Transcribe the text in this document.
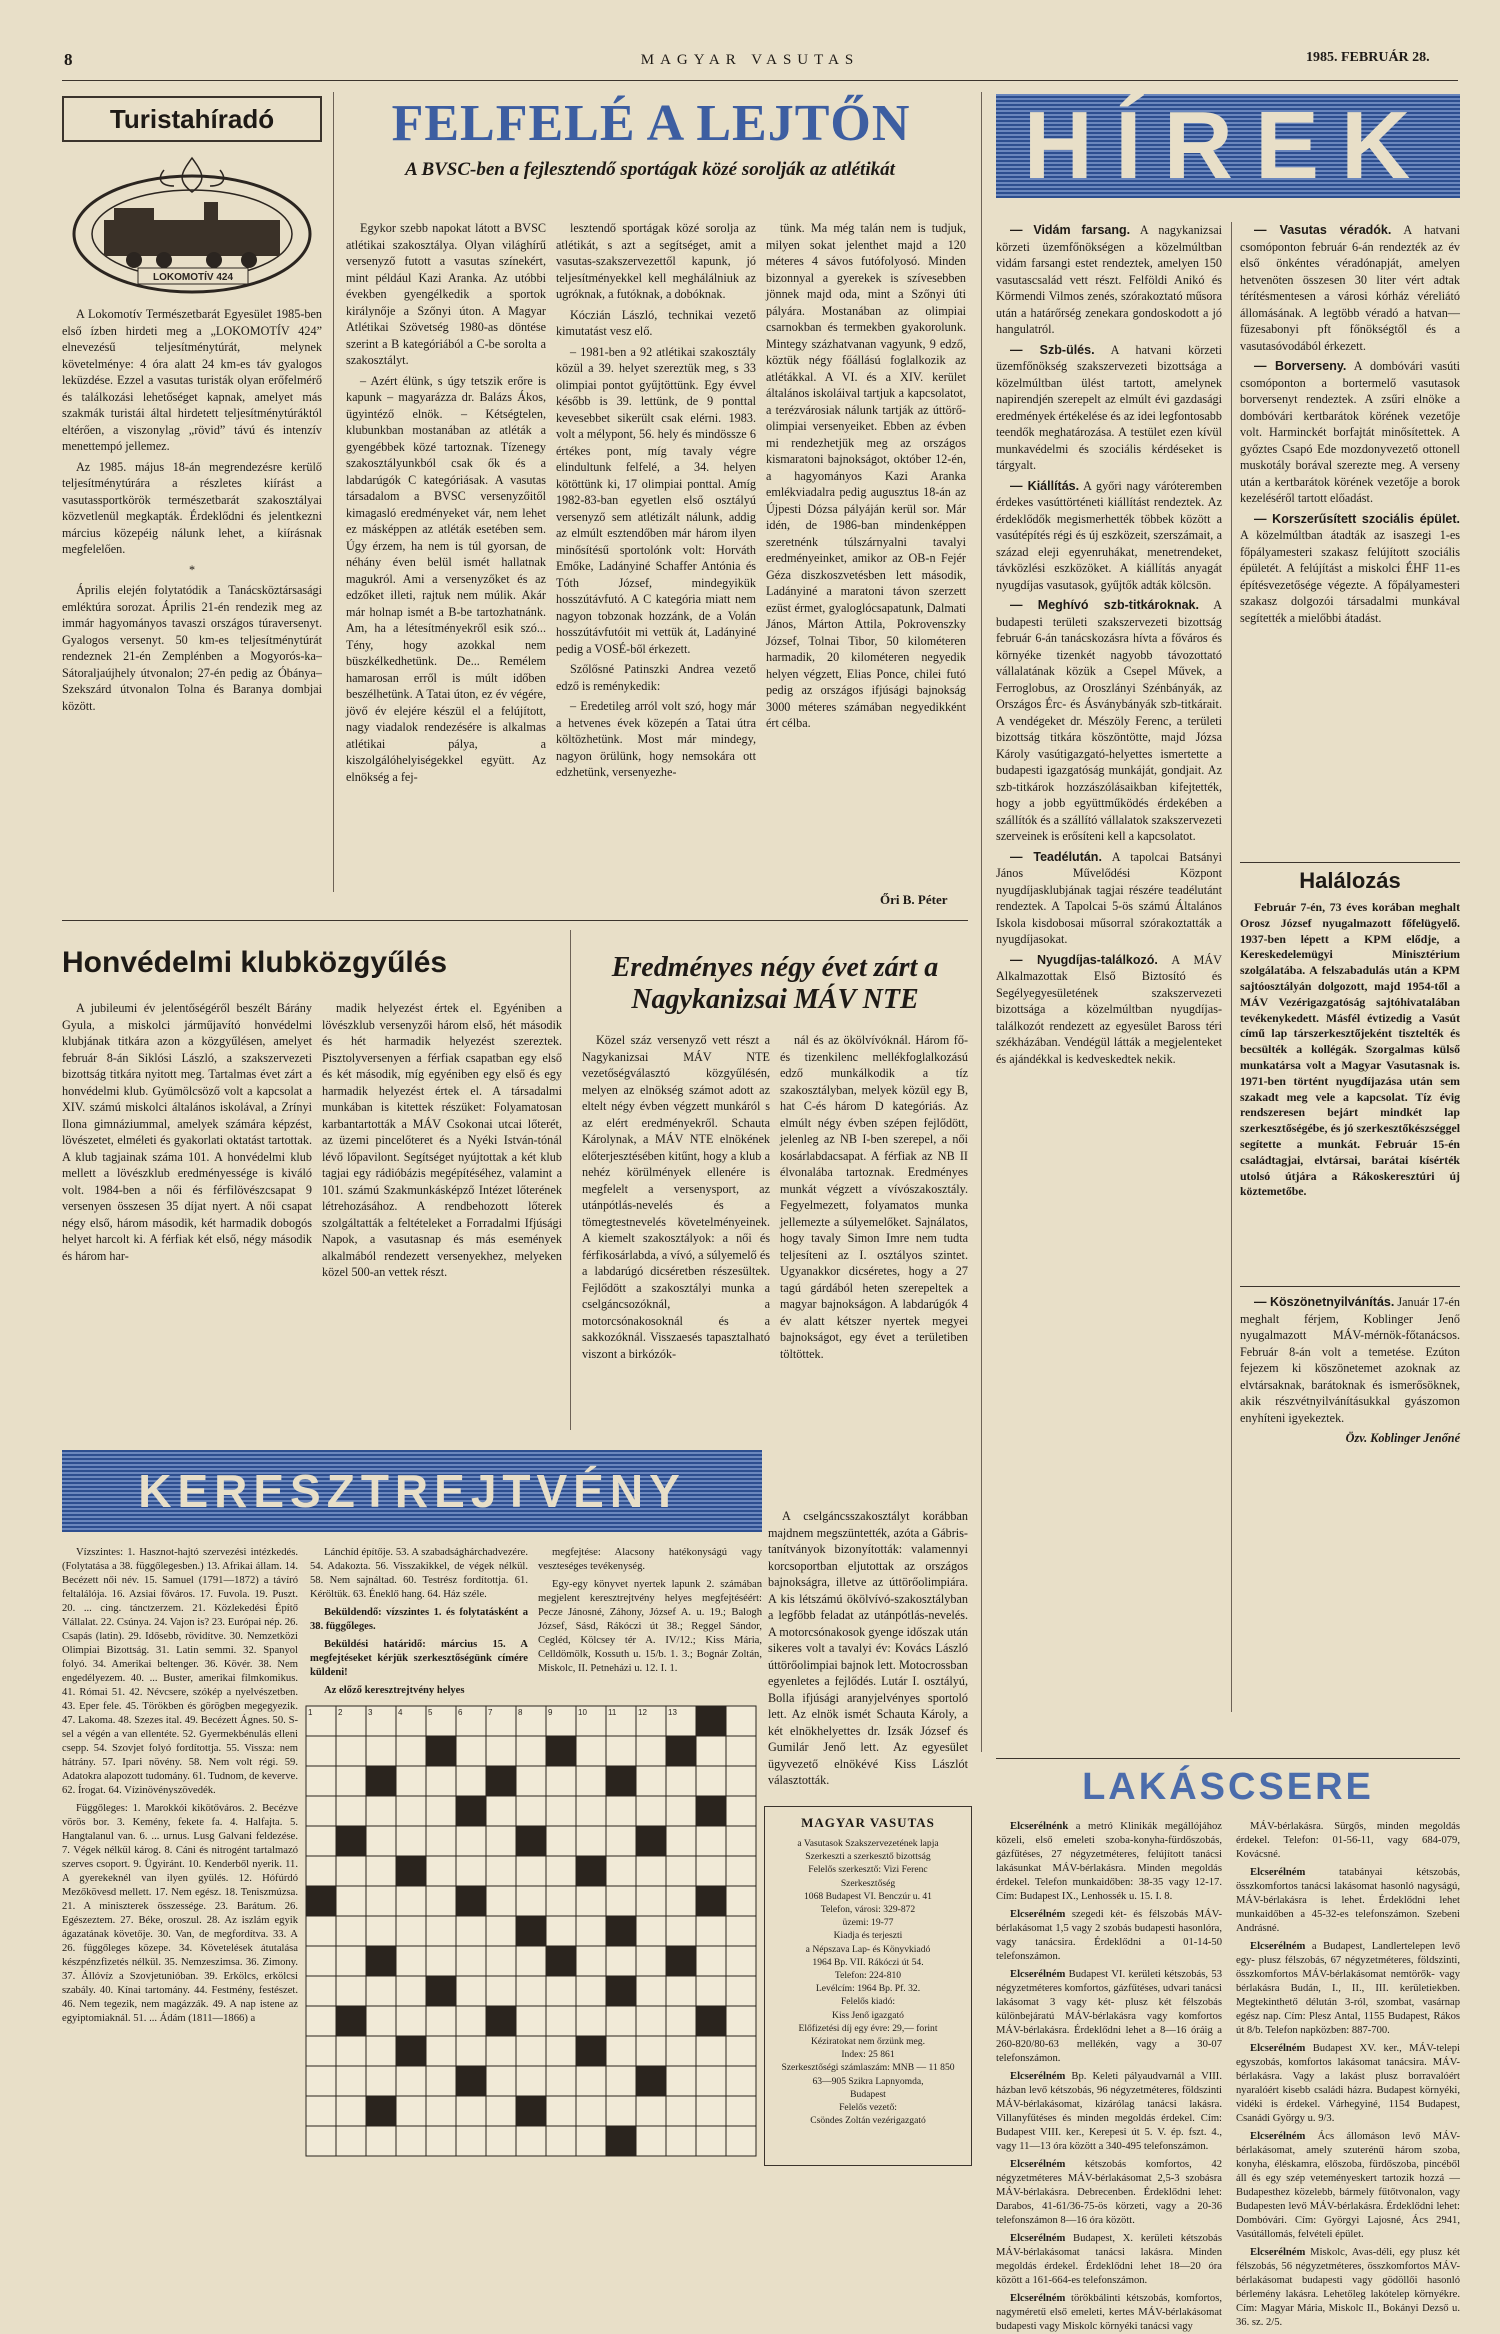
8	MAGYAR VASUTAS	1985. FEBRUÁR 28.
Turistahíradó
LOKOMOTÍV 424

A Lokomotív Természetbarát Egyesület 1985-ben első ízben hirdeti meg a „LOKOMOTÍV 424” elnevezésű teljesítménytúrát, melynek követelménye: 4 óra alatt 24 km-es táv gyalogos leküzdése. Ezzel a vasutas turisták olyan erőfelmérő és találkozási lehetőséget kapnak, amelyet más szakmák turistái által hirdetett teljesítménytúráktól eltérően, a viszonylag „rövid” távú és intenzív menettempó jellemez.

Az 1985. május 18-án megrendezésre kerülő teljesítménytúrára a részletes kiírást a vasutassportkörök természetbarát szakosztályai közvetlenül megkapták. Érdeklődni és jelentkezni március közepéig nálunk lehet, a kiírásnak megfelelően.

*

Április elején folytatódik a Tanácsköztársasági emléktúra sorozat. Április 21-én rendezik meg az immár hagyományos tavaszi országos túraversenyt. Gyalogos versenyt. 50 km-es teljesítménytúrát rendeznek 21-én Zemplénben a Mogyorós-ka–Sátoraljaújhely útvonalon; 27-én pedig az Óbánya–Szekszárd útvonalon Tolna és Baranya dombjai között.

FELFELÉ A LEJTŐN
A BVSC-ben a fejlesztendő sportágak közé sorolják az atlétikát

Egykor szebb napokat látott a BVSC atlétikai szakosztálya. Olyan világhírű versenyző futott a vasutas színekért, mint például Kazi Aranka. Az utóbbi években gyengélkedik a sportok királynője a Szőnyi úton. A Magyar Atlétikai Szövetség 1980-as döntése szerint a B kategóriából a C-be sorolta a szakosztályt.

– Azért élünk, s úgy tetszik erőre is kapunk – magyarázza dr. Balázs Ákos, ügyintéző elnök. – Kétségtelen, klubunkban mostanában az atléták a gyengébbek közé tartoznak. Tízenegy szakosztályunkból csak ők és a labdarúgók C kategóriásak. A vasutas társadalom a BVSC versenyzőitől kimagasló eredményeket vár, nem lehet ez másképpen az atléták esetében sem. Úgy érzem, ha nem is túl gyorsan, de néhány éven belül ismét hallatnak magukról. Ami a versenyzőket és az edzőket illeti, rajtuk nem múlik. Akár már holnap ismét a B-be tartozhatnánk. Am, ha a létesítményekről esik szó... Tény, hogy azokkal nem büszkélkedhetünk. De... Remélem hamarosan erről is múlt időben beszélhetünk. A Tatai úton, ez év végére, jövő év elejére készül el a felújított, nagy viadalok rendezésére is alkalmas atlétikai pálya, a kiszolgálóhelyiségekkel együtt. Az elnökség a fej-

lesztendő sportágak közé sorolja az atlétikát, s azt a segítséget, amit a vasutas-szakszervezettől kapunk, jó teljesítményekkel kell meghálálniuk az ugróknak, a futóknak, a dobóknak.

Kóczián László, technikai vezető kimutatást vesz elő.

– 1981-ben a 92 atlétikai szakosztály közül a 39. helyet szereztük meg, s 33 olimpiai pontot gyűjtöttünk. Egy évvel később is 39. lettünk, de 9 ponttal kevesebbet sikerült csak elérni. 1983. volt a mélypont, 56. hely és mindössze 6 értékes pont, míg tavaly végre elindultunk felfelé, a 34. helyen kötöttünk ki, 17 olimpiai ponttal. Amíg 1982-83-ban egyetlen első osztályú versenyző sem atlétizált nálunk, addig az elmúlt esztendőben már három ilyen minősítésű sportolónk volt: Horváth Emőke, Ladányiné Schaffer Antónia és Tóth József, mindegyikük hosszútávfutó. A C kategória miatt nem nagyon tobzonak hozzánk, de a Volán hosszútávfutóit mi vettük át, Ladányiné pedig a VOSÉ-ből érkezett.

Szőlősné Patinszki Andrea vezető edző is reménykedik:

– Eredetileg arról volt szó, hogy már a hetvenes évek közepén a Tatai útra költözhetünk. Most már mindegy, nagyon örülünk, hogy nemsokára ott edzhetünk, versenyezhe-

tünk. Ma még talán nem is tudjuk, milyen sokat jelenthet majd a 120 méteres 4 sávos futófolyosó. Minden bizonnyal a gyerekek is szívesebben jönnek majd oda, mint a Szőnyi úti pályára. Mostanában az olimpiai csarnokban és termekben gyakorolunk. Mintegy százhatvanan vagyunk, 9 edző, köztük négy főállású foglalkozik az atlétákkal. A VI. és a XIV. kerület általános iskoláival tartjuk a kapcsolatot, a terézvárosiak nálunk tartják az úttörő-olimpiai versenyeiket. Ebben az évben mi rendezhetjük meg az országos kismaratoni bajnokságot, október 12-én, a hagyományos Kazi Aranka emlékviadalra pedig augusztus 18-án az Újpesti Dózsa pályáján kerül sor. Már idén, de 1986-ban mindenképpen szeretnénk túlszárnyalni tavalyi eredményeinket, amikor az OB-n Fejér Géza diszkoszvetésben lett második, Ladányiné a maratoni távon szerzett ezüst érmet, gyaloglócsapatunk, Dalmati János, Márton Attila, Pokrovenszky József, Tolnai Tibor, 50 kilométeren harmadik, 20 kilométeren negyedik helyen végzett, Elias Ponce, chilei futó pedig az országos ifjúsági bajnokság 3000 méteres számában negyedikként ért célba.

Őri B. Péter
HÍREK

— Vidám farsang. A nagykanizsai körzeti üzemfőnökségen a közelmúltban vidám farsangi estet rendeztek, amelyen 150 vasutascsalád vett részt. Felföldi Anikó és Körmendi Vilmos zenés, szórakoztató műsora után a határőrség zenekara gondoskodott a jó hangulatról.

— Szb-ülés. A hatvani körzeti üzemfőnökség szakszervezeti bizottsága a közelmúltban ülést tartott, amelynek napirendjén szerepelt az elmúlt évi gazdasági eredmények értékelése és az idei legfontosabb teendők meghatározása. A testület ezen kívül munkavédelmi és szociális kérdéseket is tárgyalt.

— Kiállítás. A győri nagy váróteremben érdekes vasúttörténeti kiállítást rendeztek. Az érdeklődők megismerhették többek között a vasútépítés régi és új eszközeit, szerszámait, a század eleji egyenruhákat, menetrendeket, távközlési eszközöket. A kiállítás anyagát nyugdíjas vasutasok, gyűjtők adták kölcsön.

— Meghívó szb-titkároknak. A budapesti területi szakszervezeti bizottság február 6-án tanácskozásra hívta a főváros és környéke tizenkét nagyobb távozottató vállalatának közük a Csepel Művek, a Ferroglobus, az Oroszlányi Szénbányák, az Országos Érc- és Ásványbányák szb-titkárait. A vendégeket dr. Mészöly Ferenc, a területi bizottság titkára köszöntötte, majd Józsa Károly vasútigazgató-helyettes ismertette a budapesti igazgatóság munkáját, gondjait. Az szb-titkárok hozzászólásaikban kifejtették, hogy a jobb együttműködés érdekében a szállítók és a szállító vállalatok szakszervezeti szerveinek is erősíteni kell a kapcsolatot.

— Teadélután. A tapolcai Batsányi János Művelődési Központ nyugdíjasklubjának tagjai részére teadélutánt rendeztek. A Tapolcai 5-ös számú Általános Iskola kisdobosai műsorral szórakoztatták a nyugdíjasokat.

— Nyugdíjas-találkozó. A MÁV Alkalmazottak Első Biztosító és Segélyegyesületének szakszervezeti bizottsága a közelmúltban nyugdíjas-találkozót rendezett az egyesület Baross téri székházában. Vendégül látták a megjelenteket és ajándékkal is kedveskedtek nekik.

— Vasutas véradók. A hatvani csomóponton február 6-án rendezték az év első önkéntes véradónapját, amelyen hetvenöten összesen 30 liter vért adtak térítésmentesen a városi kórház véreliátó állomásának. A legtöbb véradó a hatvan—füzesabonyi pft főnökségtől és a vasutasóvodából érkezett.

— Borverseny. A dombóvári vasúti csomóponton a bortermelő vasutasok borversenyt rendeztek. A zsűri elnöke a dombóvári kertbarátok körének vezetője volt. Harminckét borfajtát minősítettek. A győztes Csapó Ede mozdonyvezető ottonell muskotály borával szerezte meg. A verseny után a kertbarátok körének vezetője a borok kezeléséről tartott előadást.

— Korszerűsített szociális épület. A közelmúltban átadták az isaszegi 1-es főpályamesteri szakasz felújított szociális épületét. A felújítást a miskolci ÉHF 11-es építésvezetősége végezte. A főpályamesteri szakasz dolgozói társadalmi munkával segítették a mielőbbi átadást.

Halálozás

Február 7-én, 73 éves korában meghalt Orosz József nyugalmazott főfelügyelő. 1937-ben lépett a KPM elődje, a Kereskedelemügyi Minisztérium szolgálatába. A felszabadulás után a KPM sajtóosztályán dolgozott, majd 1954-től a MÁV Vezérigazgatóság sajtóhivatalában tevékenykedett. Másfél évtizedig a Vasút című lap társzerkesztőjeként tisztelték és becsülték a kollégák. Szorgalmas külső munkatársa volt a Magyar Vasutasnak is. 1971-ben történt nyugdíjazása után sem szakadt meg vele a kapcsolat. Tíz évig rendszeresen bejárt mindkét lap szerkesztőségébe, és jó szerkesztőkészséggel segítette a munkát. Február 15-én családtagjai, elvtársai, barátai kísérték utolsó útjára a Rákoskeresztúri új köztemetőbe.

— Köszönetnyilvánítás. Január 17-én meghalt férjem, Koblinger Jenő nyugalmazott MÁV-mérnök-főtanácsos. Február 8-án volt a temetése. Ezúton fejezem ki köszönetemet azoknak az elvtársaknak, barátoknak és ismerősöknek, akik részvétnyilvánításukkal gyászomon enyhíteni igyekeztek.

Özv. Koblinger Jenőné
Honvédelmi klubközgyűlés

A jubileumi év jelentőségéről beszélt Bárány Gyula, a miskolci járműjavító honvédelmi klubjának titkára azon a közgyűlésen, amelyet február 8-án Siklósi László, a szakszervezeti bizottság titkára nyitott meg. Tartalmas évet zárt a honvédelmi klub. Gyümölcsöző volt a kapcsolat a XIV. számú miskolci általános iskolával, a Zrínyi Ilona gimnáziummal, amelyek számára képzést, lövészetet, elméleti és gyakorlati oktatást tartottak. A klub tagjainak száma 101. A honvédelmi klub mellett a lövészklub eredményessége is kiváló volt. 1984-ben a női és férfilövészcsapat 9 versenyen összesen 35 díjat nyert. A női csapat négy első, három második, két harmadik dobogós helyet harcolt ki. A férfiak két első, négy második és három har-

madik helyezést értek el. Egyéniben a lövészklub versenyzői három első, hét második és hét harmadik helyezést szereztek. Pisztolyversenyen a férfiak csapatban egy első és két második, míg egyéniben egy első és egy harmadik helyezést értek el. A társadalmi munkában is kitettek részüket: Folyamatosan karbantartották a MÁV Csokonai utcai lőterét, az üzemi pincelőteret és a Nyéki István-tónál lévő lőpavilont. Segítséget nyújtottak a két klub tagjai egy rádióbázis megépítéséhez, valamint a 101. számú Szakmunkásképző Intézet lőterének létrehozásához. A rendbehozott lőterek szolgáltatták a feltételeket a Forradalmi Ifjúsági Napok, a vasutasnap és más események alkalmából rendezett versenyekhez, melyeken közel 500-an vettek részt.

Eredményes négy évet zárt a Nagykanizsai MÁV NTE

Közel száz versenyző vett részt a Nagykanizsai MÁV NTE vezetőségválasztó közgyűlésén, melyen az elnökség számot adott az eltelt négy évben végzett munkáról s az elért eredményekről. Schauta Károlynak, a MÁV NTE elnökének előterjesztésében kitűnt, hogy a klub a nehéz körülmények ellenére is megfelelt a versenysport, az utánpótlás-nevelés és a tömegtestnevelés követelményeinek. A kiemelt szakosztályok: a női és férfikosárlabda, a vívó, a súlyemelő és a labdarúgó dicséretben részesültek. Fejlődött a szakosztályi munka a cselgáncsozóknál, a motorcsónakosoknál és a sakkozóknál. Visszaesés tapasztalható viszont a birkózók-

nál és az ökölvívóknál. Három fő- és tizenkilenc mellékfoglalkozású edző munkálkodik a tíz szakosztályban, melyek közül egy B, hat C-és három D kategóriás. Az elmúlt négy évben szépen fejlődött, jelenleg az NB I-ben szerepel, a női kosárlabdacsapat. A férfiak az NB II élvonalába tartoznak. Eredményes munkát végzett a vívószakosztály. Fegyelmezett, folyamatos munka jellemezte a súlyemelőket. Sajnálatos, hogy tavaly Simon Imre nem tudta teljesíteni az I. osztályos szintet. Ugyanakkor dicséretes, hogy a 27 tagú gárdából heten szerepeltek a magyar bajnokságon. A labdarúgók 4 év alatt kétszer nyertek megyei bajnokságot, egy évet a területiben töltöttek.

A cselgáncsszakosztályt korábban majdnem megszüntették, azóta a Gábris-tanítványok bizonyították: valamennyi korcsoportban eljutottak az országos bajnokságra, illetve az úttörőolimpiára. A kis létszámú ökölvívó-szakosztályban a legfőbb feladat az utánpótlás-nevelés. A motorcsónakosok gyenge időszak után sikeres volt a tavalyi év: Kovács László úttörőolimpiai bajnok lett. Motocrossban egyenletes a fejlődés. Lutár I. osztályú, Bolla ifjúsági aranyjelvényes sportoló lett. Az elnök ismét Schauta Károly, a két elnökhelyettes dr. Izsák József és Gumilár Jenő lett. Az egyesület ügyvezető elnökévé Kiss Lászlót választották.

KERESZTREJTVÉNY

Vízszintes: 1. Hasznot-hajtó szervezési intézkedés. (Folytatása a 38. függőlegesben.) 13. Afrikai állam. 14. Becézett női név. 15. Samuel (1791—1872) a távíró feltalálója. 16. Azsiai főváros. 17. Fuvola. 19. Puszt. 20. ... cing. tánctzerzem. 21. Közlekedési Építő Vállalat. 22. Csúnya. 24. Vajon is? 23. Európai nép. 26. Csapás (latin). 29. Idősebb, rövidítve. 30. Nemzetközi Olimpiai Bizottság. 31. Latin semmi. 32. Spanyol folyó. 34. Amerikai beltenger. 36. Kövér. 38. Nem engedélyezem. 40. ... Buster, amerikai filmkomikus. 41. Római 51. 42. Névcsere, szókép a nyelvészetben. 43. Eper fele. 45. Törökben és görögben megegyezik. 47. Lakoma. 48. Szezes ital. 49. Becézett Ágnes. 50. S-sel a végén a van ellentéte. 52. Gyermekbénulás elleni csepp. 54. Szovjet folyó fordítottja. 55. Vissza: nem hátrány. 57. Ipari növény. 58. Nem volt régi. 59. Adatokra alapozott tudomány. 61. Tudnom, de keverve. 62. Írogat. 64. Vízinövényszövedék.

Függőleges: 1. Marokkói kikötőváros. 2. Becézve vörös bor. 3. Kemény, fekete fa. 4. Halfajta. 5. Hangtalanul van. 6. ... urnus. Lusg Galvani feldezése. 7. Végek nélkül károg. 8. Cáni és nitrogént tartalmazó szerves csoport. 9. Ügyiránt. 10. Kenderből nyerik. 11. A gyerekeknél van ilyen gyülés. 12. Hófúrdó Mezőkövesd mellett. 17. Nem egész. 18. Teniszmúzsa. 21. A miniszterek összessége. 23. Barátum. 26. Egészeztem. 27. Béke, oroszul. 28. Az iszlám egyik ágazatának követője. 30. Van, de megfordítva. 33. A 26. függőleges közepe. 34. Követelések átutalása készpénzfizetés nélkül. 35. Nemzeszimsa. 36. Zimony. 37. Állóvíz a Szovjetunióban. 39. Erkölcs, erkölcsi szabály. 40. Kínai tartomány. 44. Festmény, festészet. 46. Nem tegezik, nem magázzák. 49. A nap istene az egyiptomiaknál. 51. ... Ádám (1811—1866) a

Lánchíd építője. 53. A szabadsághárchadvezére. 54. Adakozta. 56. Visszakikkel, de végek nélkül. 58. Nem sajnáltad. 60. Testrész fordítottja. 61. Kéröltük. 63. Éneklő hang. 64. Ház széle.

Beküldendő: vízszintes 1. és folytatásként a 38. függőleges.

Beküldési határidő: március 15. A megfejtéseket kérjük szerkesztőségünk címére küldeni!

Az előző keresztrejtvény helyes

megfejtése: Alacsony hatékonyságú vagy veszteséges tevékenység.

Egy-egy könyvet nyertek lapunk 2. számában megjelent keresztrejtvény helyes megfejtéséért: Pecze Jánosné, Záhony, József A. u. 19.; Balogh József, Sásd, Rákóczi út 38.; Reggel Sándor, Cegléd, Kölcsey tér A. IV/12.; Kiss Mária, Celldömölk, Kossuth u. 15/b. 1. 3.; Bognár Zoltán, Miskolc, II. Petneházi u. 12. I. 1.

1	2	3	4	5	6	7	8	9	10	11	12	13
MAGYAR VASUTAS
a Vasutasok Szakszervezetének lapja
Szerkeszti a szerkesztő bizottság
Felelős szerkesztő: Vizi Ferenc
Szerkesztőség
1068 Budapest VI. Benczúr u. 41
Telefon, városi: 329-872
üzemi: 19-77
Kiadja és terjeszti
a Népszava Lap- és Könyvkiadó
1964 Bp. VII. Rákóczi út 54.
Telefon: 224-810
Levélcím: 1964 Bp. Pf. 32.
Felelős kiadó:
Kiss Jenő igazgató
Előfizetési díj egy évre: 29,— forint
Kéziratokat nem őrzünk meg.
Index: 25 861
Szerkesztőségi számlaszám: MNB — 11 850
63—905 Szikra Lapnyomda,
Budapest
Felelős vezető:
Csöndes Zoltán vezérigazgató
LAKÁSCSERE

Elcserélnénk a metró Klinikák megállójához közeli, első emeleti szoba-konyha-fürdőszobás, gázfűtéses, 27 négyzetméteres, felújított tanácsi lakásunkat MÁV-bérlakásra. Minden megoldás érdekel. Telefon munkaidőben: 38-35 vagy 12-17. Cím: Budapest IX., Lenhossék u. 15. I. 8.

Elcserélném szegedi két- és félszobás MÁV-bérlakásomat 1,5 vagy 2 szobás budapesti hasonlóra, vagy tanácsira. Érdeklődni a 01-14-50 telefonszámon.

Elcserélném Budapest VI. kerületi kétszobás, 53 négyzetméteres komfortos, gázfűtéses, udvari tanácsi lakásomat 3 vagy két- plusz két félszobás különbejáratú MÁV-bérlakásra vagy komfortos MÁV-bérlakásra. Érdeklődni lehet a 8—16 óráig a 260-820/80-63 mellékén, vagy a 30-07 telefonszámon.

Elcserélném Bp. Keleti pályaudvarnál a VIII. házban levő kétszobás, 96 négyzetméteres, földszinti MÁV-bérlakásomat, kizárólag tanácsi lakásra. Villanyfűtéses és minden megoldás érdekel. Cím: Budapest VIII. ker., Kerepesi út 5. V. ép. fszt. 4., vagy 11—13 óra között a 340-495 telefonszámon.

Elcserélném kétszobás komfortos, 42 négyzetméteres MÁV-bérlakásomat 2,5-3 szobásra MÁV-bérlakásra. Debrecenben. Érdeklődni lehet: Darabos, 41-61/36-75-ös körzeti, vagy a 20-36 telefonszámon 8—16 óra között.

Elcserélném Budapest, X. kerületi kétszobás MÁV-bérlakásomat tanácsi lakásra. Minden megoldás érdekel. Érdeklődni lehet 18—20 óra között a 161-664-es telefonszámon.

Elcserélném törökbálinti kétszobás, komfortos, nagyméretű első emeleti, kertes MÁV-bérlakásomat budapesti vagy Miskolc környéki tanácsi vagy

MÁV-bérlakásra. Sürgős, minden megoldás érdekel. Telefon: 01-56-11, vagy 684-079, Kovácsné.

Elcserélném tatabányai kétszobás, összkomfortos tanácsi lakásomat hasonló nagyságú, MÁV-bérlakásra is lehet. Érdeklődni lehet munkaidőben a 45-32-es telefonszámon. Szebeni Andrásné.

Elcserélném a Budapest, Landlertelepen levő egy- plusz félszobás, 67 négyzetméteres, földszinti, összkomfortos MÁV-bérlakásomat nemtörők- vagy bérlakásra Budán, I., II., III. kerületiekben. Megtekinthető délután 3-ról, szombat, vasárnap egész nap. Cím: Plesz Antal, 1155 Budapest, Rákos út 8/b. Telefon napközben: 887-700.

Elcserélném Budapest XV. ker., MÁV-telepi egyszobás, komfortos lakásomat tanácsira. MÁV-bérlakásra. Vagy a lakást plusz borravalóért nyaralóért kisebb családi házra. Budapest környéki, vidéki is érdekel. Várhegyiné, 1154 Budapest, Csanádi György u. 9/3.

Elcserélném Ács állomáson levő MÁV-bérlakásomat, amely szuterénű három szoba, konyha, éléskamra, előszoba, fürdőszoba, pincéből áll és egy szép veteményeskert tartozik hozzá — Budapesthez közelebb, bármely fűtőtvonalon, vagy Budapesten levő MÁV-bérlakásra. Érdeklődni lehet: Dombóvári. Cím: Györgyi Lajosné, Ács 2941, Vasútállomás, felvételi épület.

Elcserélném Miskolc, Avas-déli, egy plusz két félszobás, 56 négyzetméteres, összkomfortos MÁV-bérlakásomat budapesti vagy gödöllői hasonló bérlemény lakásra. Lehetőleg lakótelep környékre. Cím: Magyar Mária, Miskolc II., Bokányi Dezső u. 36. sz. 2/5.
